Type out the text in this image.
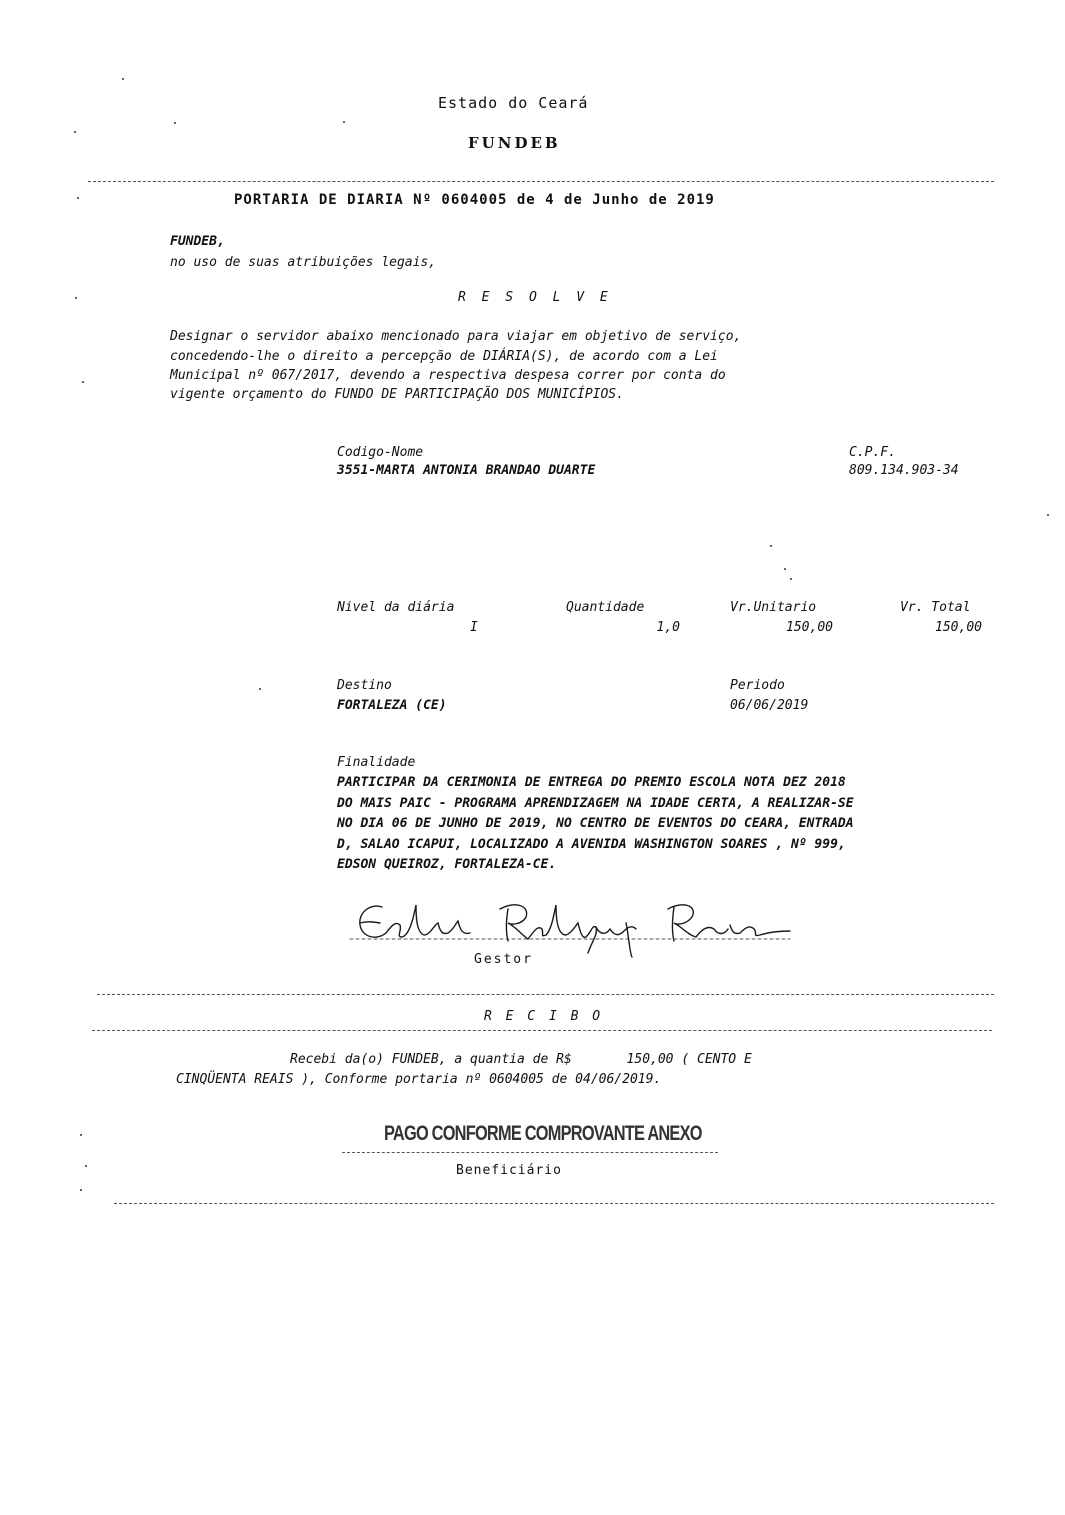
Estado do Ceará
FUNDEB
PORTARIA DE DIARIA Nº 0604005 de 4 de Junho de 2019
FUNDEB,
no uso de suas atribuições legais,
R E S O L V E
Designar o servidor abaixo mencionado para viajar em objetivo de serviço,
concedendo-lhe o direito a percepção de DIÁRIA(S), de acordo com a Lei
Municipal nº 067/2017, devendo a respectiva despesa correr por conta do
vigente orçamento do FUNDO DE PARTICIPAÇÃO DOS MUNICÍPIOS.
Codigo-Nome
3551-MARTA ANTONIA BRANDAO DUARTE
C.P.F.
809.134.903-34
Nivel da diária
I
Quantidade
1,0
Vr.Unitario
150,00
Vr. Total
150,00
Destino
FORTALEZA (CE)
Periodo
06/06/2019
Finalidade
PARTICIPAR DA CERIMONIA DE ENTREGA DO PREMIO ESCOLA NOTA DEZ 2018
DO MAIS PAIC - PROGRAMA APRENDIZAGEM NA IDADE CERTA, A REALIZAR-SE
NO DIA 06 DE JUNHO DE 2019, NO CENTRO DE EVENTOS DO CEARA, ENTRADA
D, SALAO ICAPUI, LOCALIZADO A AVENIDA WASHINGTON SOARES , Nº 999,
EDSON QUEIROZ, FORTALEZA-CE.
Edmuck Rodrigues Rocha
Gestor
R E C I B O
Recebi da(o) FUNDEB, a quantia de R$       150,00 ( CENTO E
CINQÜENTA REAIS ), Conforme portaria nº 0604005 de 04/06/2019.
PAGO CONFORME COMPROVANTE ANEXO
Beneficiário
